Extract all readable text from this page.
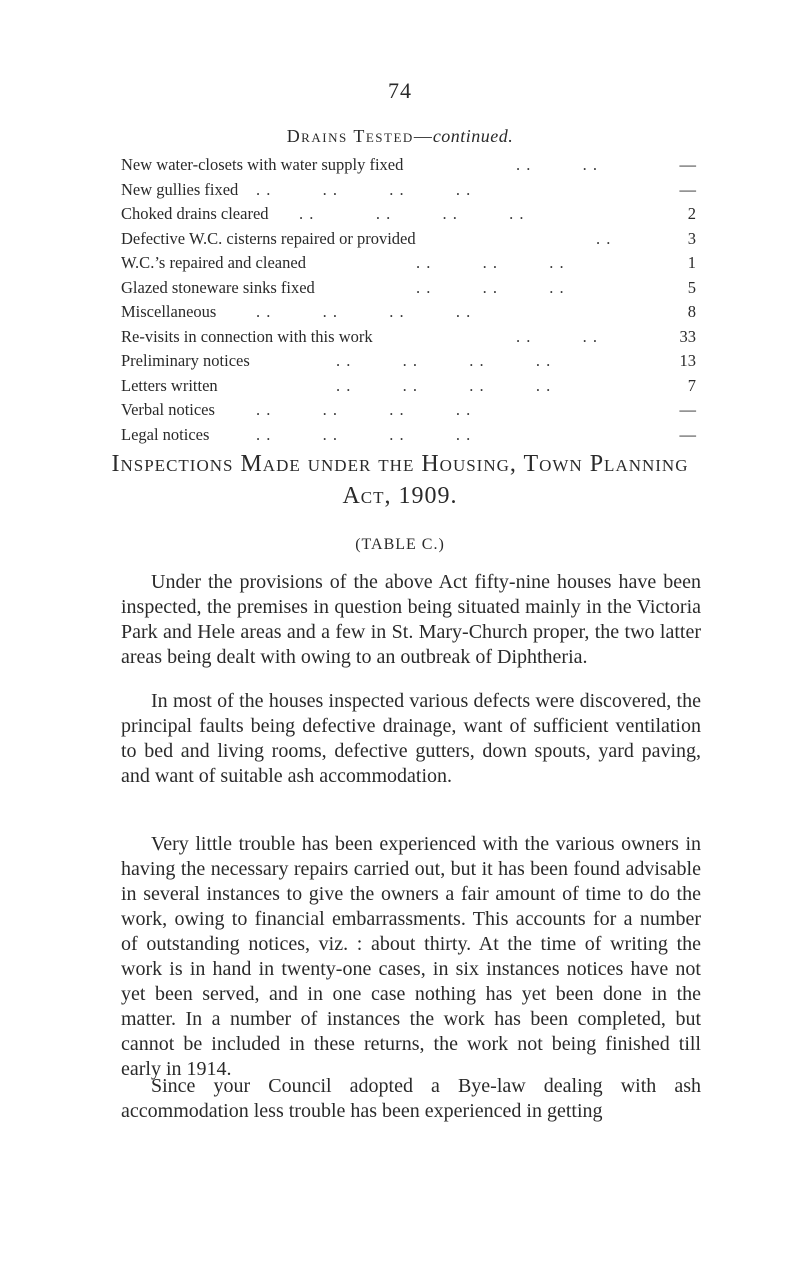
74
Drains Tested—continued.
New water-closets with water supply fixed	. .          . .	—
New gullies fixed . .          . .          . .          . .	—
Choked drains cleared . .            . .          . .          . .	2
Defective W.C. cisterns repaired or provided	. .	3
W.C.’s repaired and cleaned	. .          . .          . .	1
Glazed stoneware sinks fixed	. .          . .          . .	5
Miscellaneous . .          . .          . .          . .	8
Re-visits in connection with this work	. .          . .	33
Preliminary notices	. .          . .          . .          . .	13
Letters written	. .          . .          . .          . .	7
Verbal notices . .          . .          . .          . .	—
Legal notices	. .          . .          . .          . .	—
Inspections Made under the Housing, Town Planning
Act, 1909.
(TABLE C.)

Under the provisions of the above Act fifty-nine houses have been inspected, the premises in question being situated mainly in the Victoria Park and Hele areas and a few in St. Mary-Church proper, the two latter areas being dealt with owing to an outbreak of Diphtheria.

In most of the houses inspected various defects were discovered, the principal faults being defective drainage, want of sufficient ventilation to bed and living rooms, defective gutters, down spouts, yard paving, and want of suitable ash accommodation.

Very little trouble has been experienced with the various owners in having the necessary repairs carried out, but it has been found advisable in several instances to give the owners a fair amount of time to do the work, owing to financial embarrassments. This accounts for a number of outstanding notices, viz. : about thirty. At the time of writing the work is in hand in twenty-one cases, in six instances notices have not yet been served, and in one case nothing has yet been done in the matter. In a number of instances the work has been completed, but cannot be included in these returns, the work not being finished till early in 1914.

Since your Council adopted a Bye-law dealing with ash accommodation less trouble has been experienced in getting
